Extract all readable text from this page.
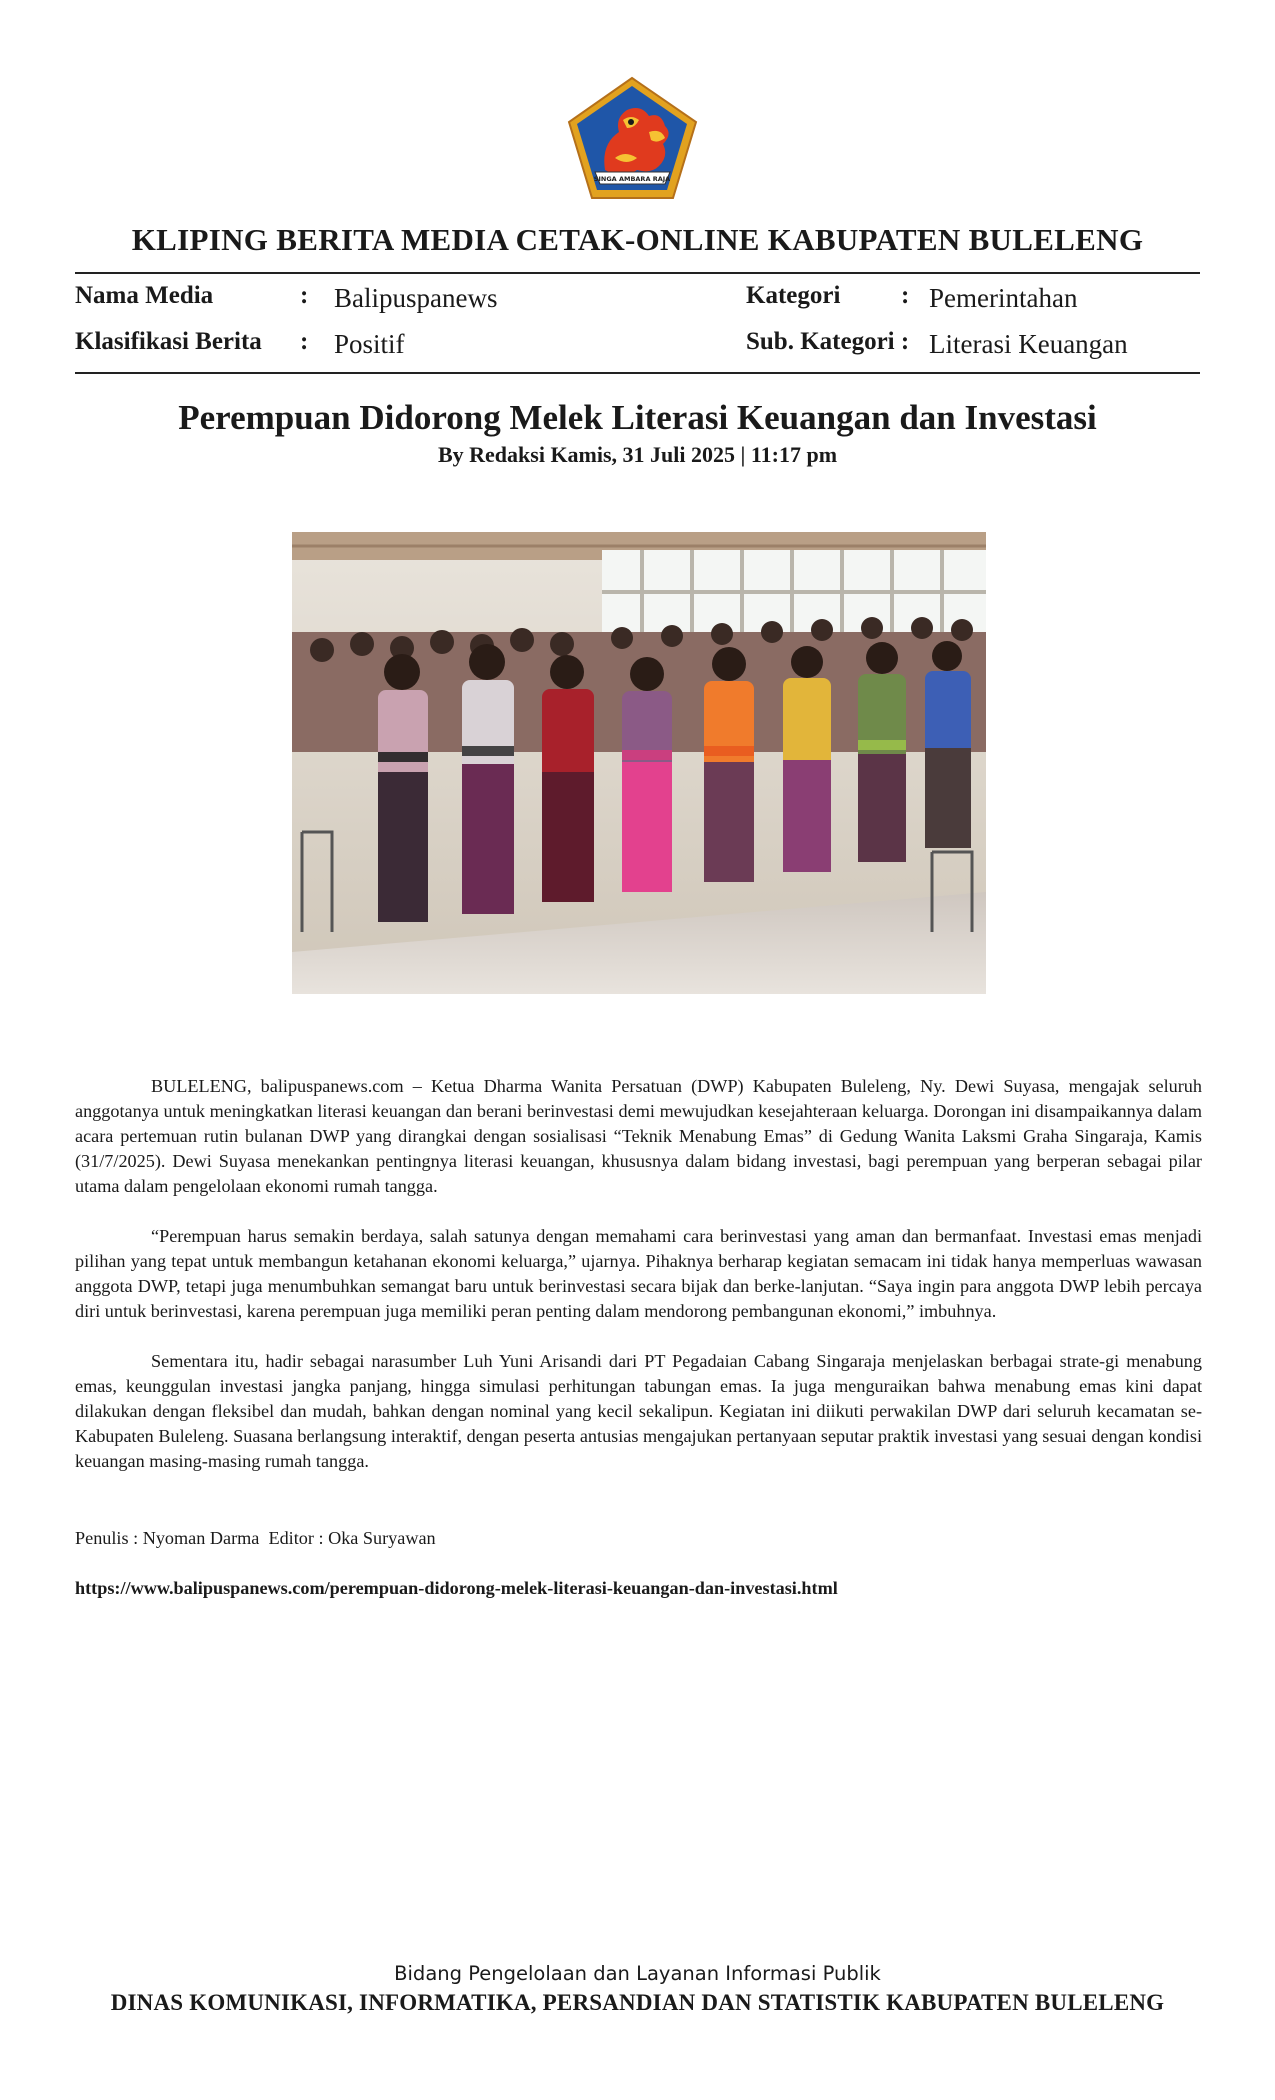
SINGA AMBARA RAJA
KLIPING BERITA MEDIA CETAK-ONLINE KABUPATEN BULELENG
Nama Media	: Balipuspanews	Kategori : Pemerintahan
Klasifikasi Berita : Positif	Sub. Kategori : Literasi Keuangan
Perempuan Didorong Melek Literasi Keuangan dan Investasi
By Redaksi Kamis, 31 Juli 2025 | 11:17 pm

BULELENG, balipuspanews.com – Ketua Dharma Wanita Persatuan (DWP) Kabupaten Buleleng, Ny. Dewi Suyasa, mengajak seluruh anggotanya untuk meningkatkan literasi keuangan dan berani berinvestasi demi mewujudkan kesejahteraan keluarga. Dorongan ini disampaikannya dalam acara pertemuan rutin bulanan DWP yang dirangkai dengan sosialisasi “Teknik Menabung Emas” di Gedung Wanita Laksmi Graha Singaraja, Kamis (31/7/2025). Dewi Suyasa menekankan pentingnya literasi keuangan, khususnya dalam bidang investasi, bagi perempuan yang berperan sebagai pilar utama dalam pengelolaan ekonomi rumah tangga.

“Perempuan harus semakin berdaya, salah satunya dengan memahami cara berinvestasi yang aman dan bermanfaat. Investasi emas menjadi pilihan yang tepat untuk membangun ketahanan ekonomi keluarga,” ujarnya. Pihaknya berharap kegiatan semacam ini tidak hanya memperluas wawasan anggota DWP, tetapi juga menumbuhkan semangat baru untuk berinvestasi secara bijak dan berke-lanjutan. “Saya ingin para anggota DWP lebih percaya diri untuk berinvestasi, karena perempuan juga memiliki peran penting dalam mendorong pembangunan ekonomi,” imbuhnya.

Sementara itu, hadir sebagai narasumber Luh Yuni Arisandi dari PT Pegadaian Cabang Singaraja menjelaskan berbagai strate-gi menabung emas, keunggulan investasi jangka panjang, hingga simulasi perhitungan tabungan emas. Ia juga menguraikan bahwa menabung emas kini dapat dilakukan dengan fleksibel dan mudah, bahkan dengan nominal yang kecil sekalipun. Kegiatan ini diikuti perwakilan DWP dari seluruh kecamatan se-Kabupaten Buleleng. Suasana berlangsung interaktif, dengan peserta antusias mengajukan pertanyaan seputar praktik investasi yang sesuai dengan kondisi keuangan masing-masing rumah tangga.

Penulis : Nyoman Darma  Editor : Oka Suryawan
https://www.balipuspanews.com/perempuan-didorong-melek-literasi-keuangan-dan-investasi.html
Bidang Pengelolaan dan Layanan Informasi Publik
DINAS KOMUNIKASI, INFORMATIKA, PERSANDIAN DAN STATISTIK KABUPATEN BULELENG
